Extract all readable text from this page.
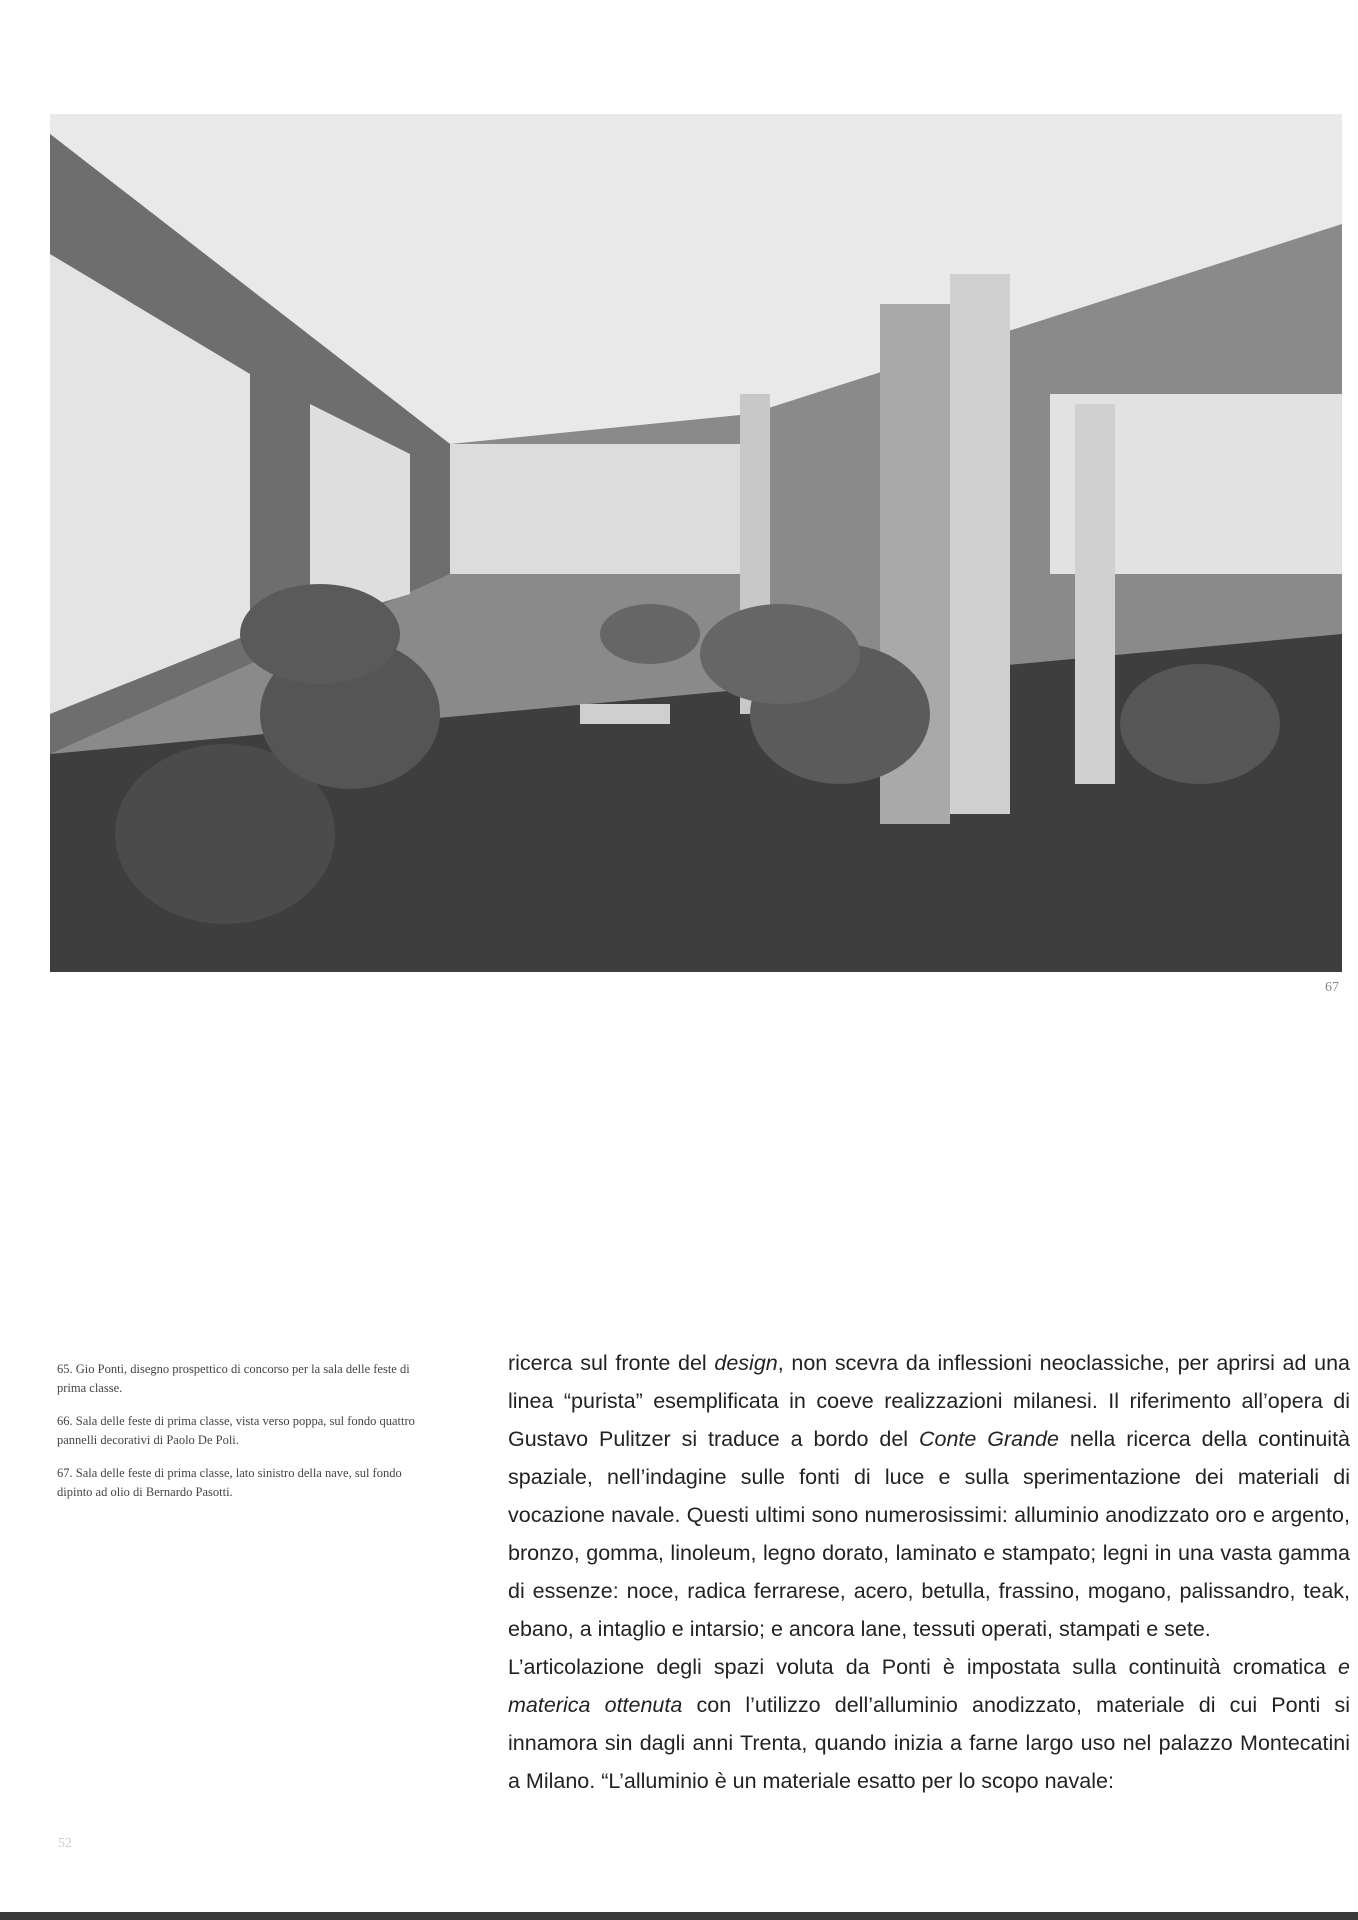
67

65. Gio Ponti, disegno prospettico di concorso per la sala delle feste di prima classe.

66. Sala delle feste di prima classe, vista verso poppa, sul fondo quattro pannelli decorativi di Paolo De Poli.

67. Sala delle feste di prima classe, lato sinistro della nave, sul fondo dipinto ad olio di Bernardo Pasotti.

ricerca sul fronte del design, non scevra da inflessioni neoclassiche, per aprirsi ad una linea “purista” esemplificata in coeve realizzazioni milanesi. Il riferimento all’opera di Gustavo Pulitzer si traduce a bordo del Conte Grande nella ricerca della continuità spaziale, nell’indagine sulle fonti di luce e sulla sperimentazione dei materiali di vocazione navale. Questi ultimi sono numerosissimi: alluminio anodizzato oro e argento, bronzo, gomma, linoleum, legno dorato, laminato e stampato; legni in una vasta gamma di essenze: noce, radica ferrarese, acero, betulla, frassino, mogano, palissandro, teak, ebano, a intaglio e intarsio; e ancora lane, tessuti operati, stampati e sete.

L’articolazione degli spazi voluta da Ponti è impostata sulla continuità cromatica e materica ottenuta con l’utilizzo dell’alluminio anodizzato, materiale di cui Ponti si innamora sin dagli anni Trenta, quando inizia a farne largo uso nel palazzo Montecatini a Milano. “L’alluminio è un materiale esatto per lo scopo navale:

52
